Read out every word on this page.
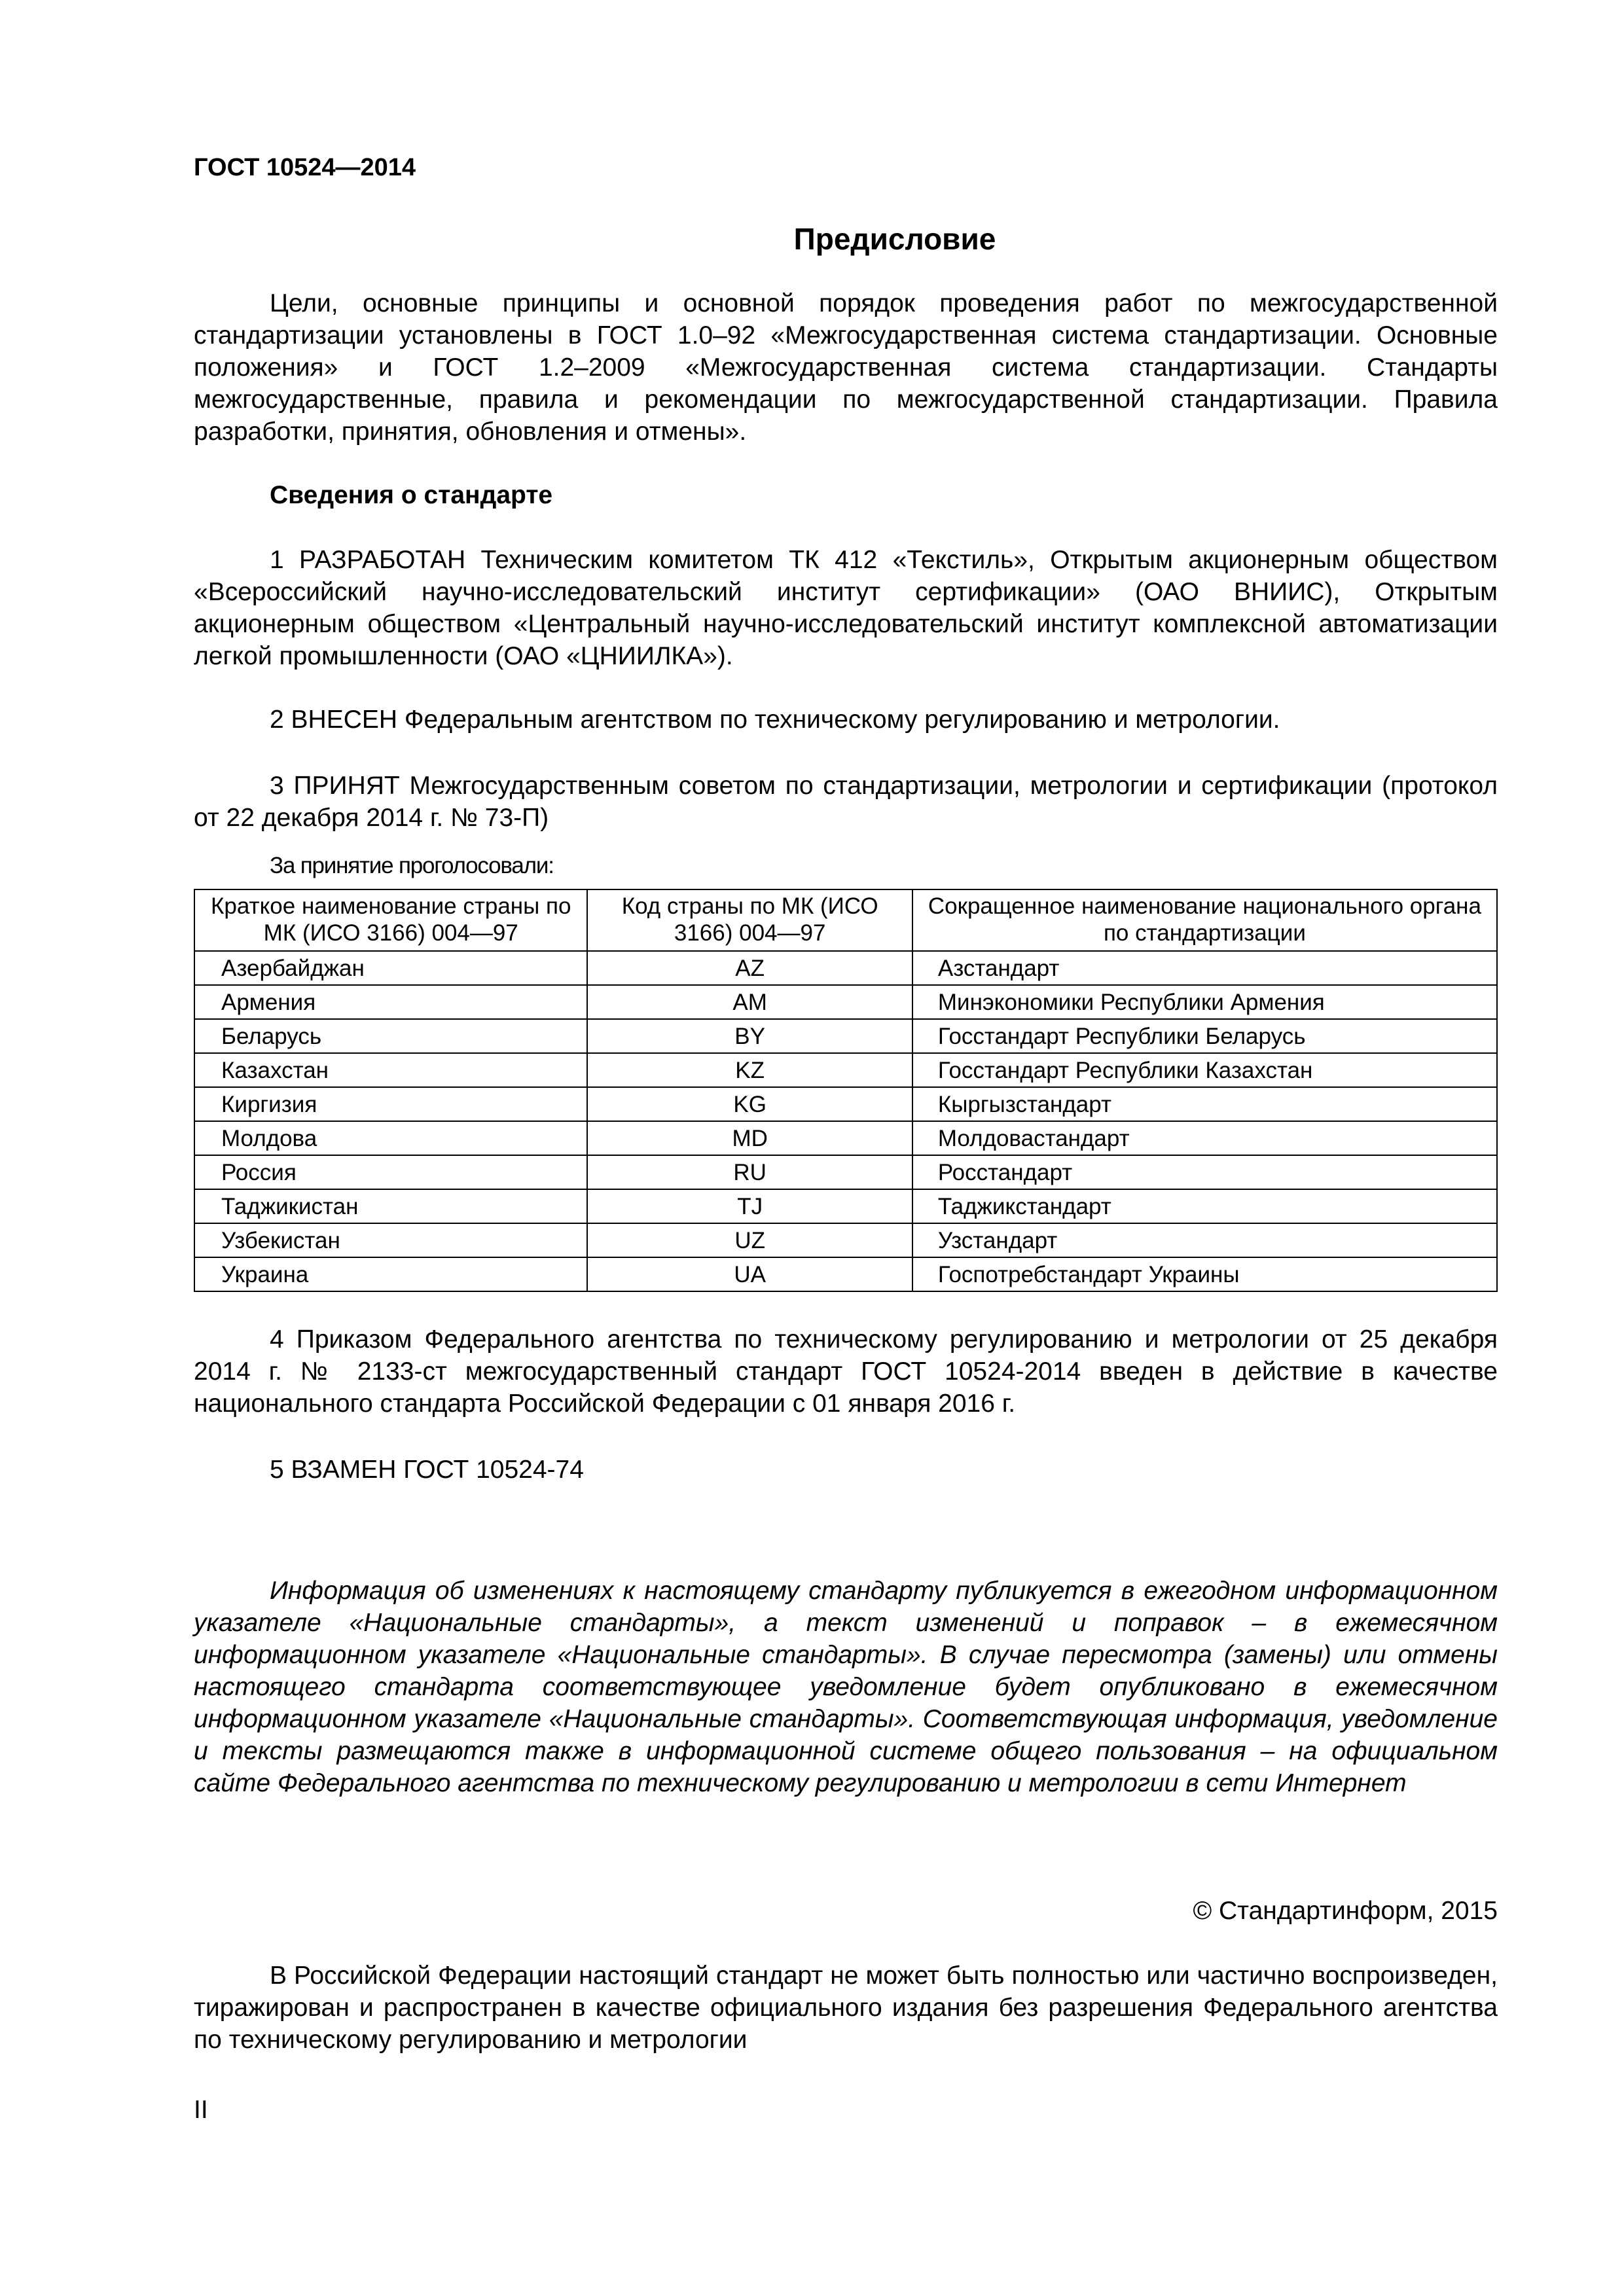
ГОСТ 10524—2014
Предисловие

Цели, основные принципы и основной порядок проведения работ по межгосударственной стандартизации установлены в ГОСТ 1.0–92 «Межгосударственная система стандартизации. Основные положения» и ГОСТ 1.2–2009 «Межгосударственная система стандартизации. Стандарты межгосударственные, правила и рекомендации по межгосударственной стандартизации. Правила разработки, принятия, обновления и отмены».

Сведения о стандарте

1 РАЗРАБОТАН Техническим комитетом ТК 412 «Текстиль», Открытым акционерным обществом «Всероссийский научно-исследовательский институт сертификации» (ОАО ВНИИС), Открытым акционерным обществом «Центральный научно-исследовательский институт комплексной автоматизации легкой промышленности (ОАО «ЦНИИЛКА»).

2 ВНЕСЕН Федеральным агентством по техническому регулированию и метрологии.

3 ПРИНЯТ Межгосударственным советом по стандартизации, метрологии и сертификации (протокол от 22 декабря 2014 г. № 73-П)

За принятие проголосовали:

Краткое наименование страны по МК (ИСО 3166) 004—97	Код страны по МК (ИСО 3166) 004—97	Сокращенное наименование национального органа по стандартизации
Азербайджан	AZ	Азстандарт
Армения	AM	Минэкономики Республики Армения
Беларусь	BY	Госстандарт Республики Беларусь
Казахстан	KZ	Госстандарт Республики Казахстан
Киргизия	KG	Кыргызстандарт
Молдова	MD	Молдовастандарт
Россия	RU	Росстандарт
Таджикистан	TJ	Таджикстандарт
Узбекистан	UZ	Узстандарт
Украина	UA	Госпотребстандарт Украины

4 Приказом Федерального агентства по техническому регулированию и метрологии от 25 декабря 2014 г. № 2133-ст межгосударственный стандарт ГОСТ 10524-2014 введен в действие в качестве национального стандарта Российской Федерации с 01 января 2016 г.

5 ВЗАМЕН ГОСТ 10524-74

Информация об изменениях к настоящему стандарту публикуется в ежегодном информационном указателе «Национальные стандарты», а текст изменений и поправок – в ежемесячном информационном указателе «Национальные стандарты». В случае пересмотра (замены) или отмены настоящего стандарта соответствующее уведомление будет опубликовано в ежемесячном информационном указателе «Национальные стандарты». Соответствующая информация, уведомление и тексты размещаются также в информационной системе общего пользования – на официальном сайте Федерального агентства по техническому регулированию и метрологии в сети Интернет

© Стандартинформ, 2015

В Российской Федерации настоящий стандарт не может быть полностью или частично воспроизведен, тиражирован и распространен в качестве официального издания без разрешения Федерального агентства по техническому регулированию и метрологии

II
